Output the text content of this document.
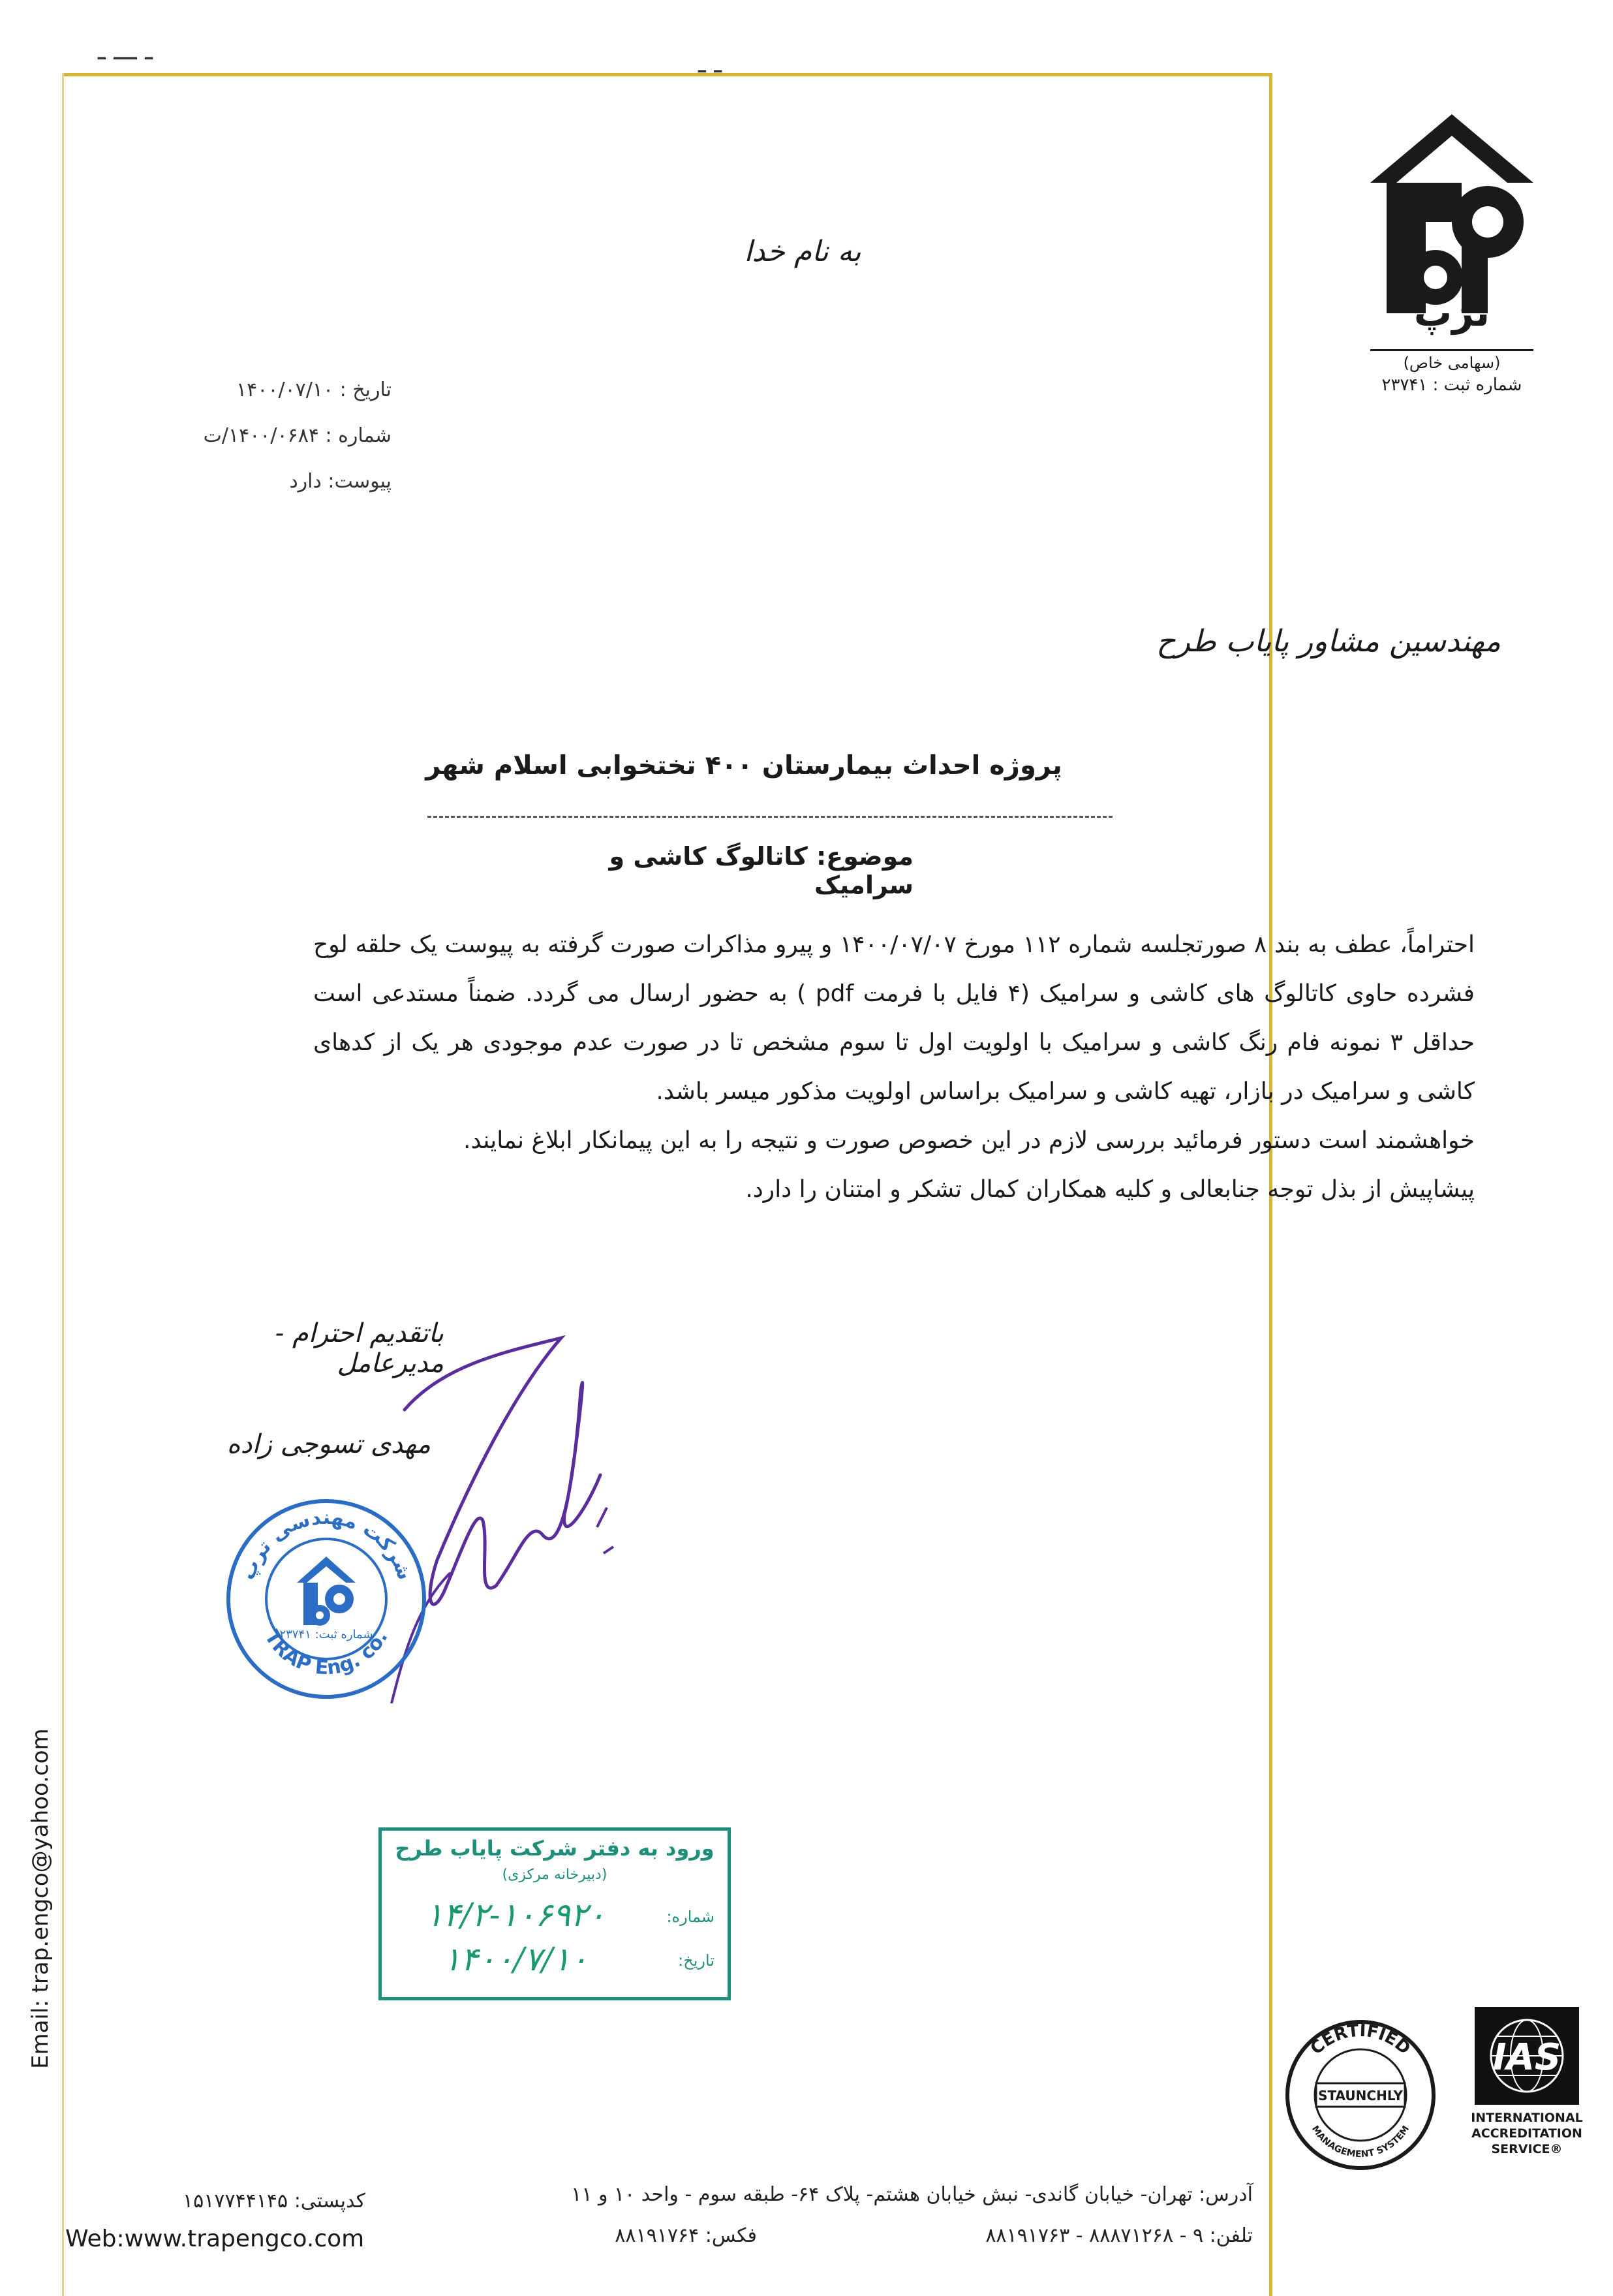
ـ ـــ ـ	ـ ـ
ترَپ
(سهامی خاص)
شماره ثبت : ۲۳۷۴۱
به نام خدا
تاریخ : ۱۴۰۰/۰۷/۱۰
شماره : ۱۴۰۰/۰۶۸۴/ت
پیوست: دارد
مهندسین مشاور پایاب طرح
پروژه احداث بیمارستان ۴۰۰ تختخوابی اسلام شهر
موضوع: کاتالوگ کاشی و سرامیک

احتراماً، عطف به بند ۸ صورتجلسه شماره ۱۱۲ مورخ ۱۴۰۰/۰۷/۰۷ و پیرو مذاکرات صورت گرفته به پیوست یک حلقه لوح فشرده حاوی کاتالوگ های کاشی و سرامیک (۴ فایل با فرمت pdf ) به حضور ارسال می گردد. ضمناً مستدعی است حداقل ۳ نمونه فام رنگ کاشی و سرامیک با اولویت اول تا سوم مشخص تا در صورت عدم موجودی هر یک از کدهای کاشی و سرامیک در بازار، تهیه کاشی و سرامیک براساس اولویت مذکور میسر باشد.

خواهشمند است دستور فرمائید بررسی لازم در این خصوص صورت و نتیجه را به این پیمانکار ابلاغ نمایند.

پیشاپیش از بذل توجه جنابعالی و کلیه همکاران کمال تشکر و امتنان را دارد.

باتقدیم احترام - مدیرعامل
مهدی تسوجی زاده
شرکت مهندسی ترپ
TRAP Eng. co.
شماره ثبت: ۲۳۷۴۱
ورود به دفتر شرکت پایاب طرح
(دبیرخانه مرکزی)
شماره:
۱۴/۲-۱۰۶۹۲۰
تاریخ:
۱۴۰۰/۷/۱۰
Email: trap.engco@yahoo.com	CERTIFIED
MANAGEMENT SYSTEM
STAUNCHLY
IAS
INTERNATIONAL ACCREDITATION SERVICE®
کدپستی: ۱۵۱۷۷۴۴۱۴۵
Web:www.trapengco.com
آدرس: تهران- خیابان گاندی- نبش خیابان هشتم- پلاک ۶۴- طبقه سوم - واحد ۱۰ و ۱۱
تلفن: ۹ - ۸۸۸۷۱۲۶۸ - ۸۸۱۹۱۷۶۳
فکس: ۸۸۱۹۱۷۶۴
